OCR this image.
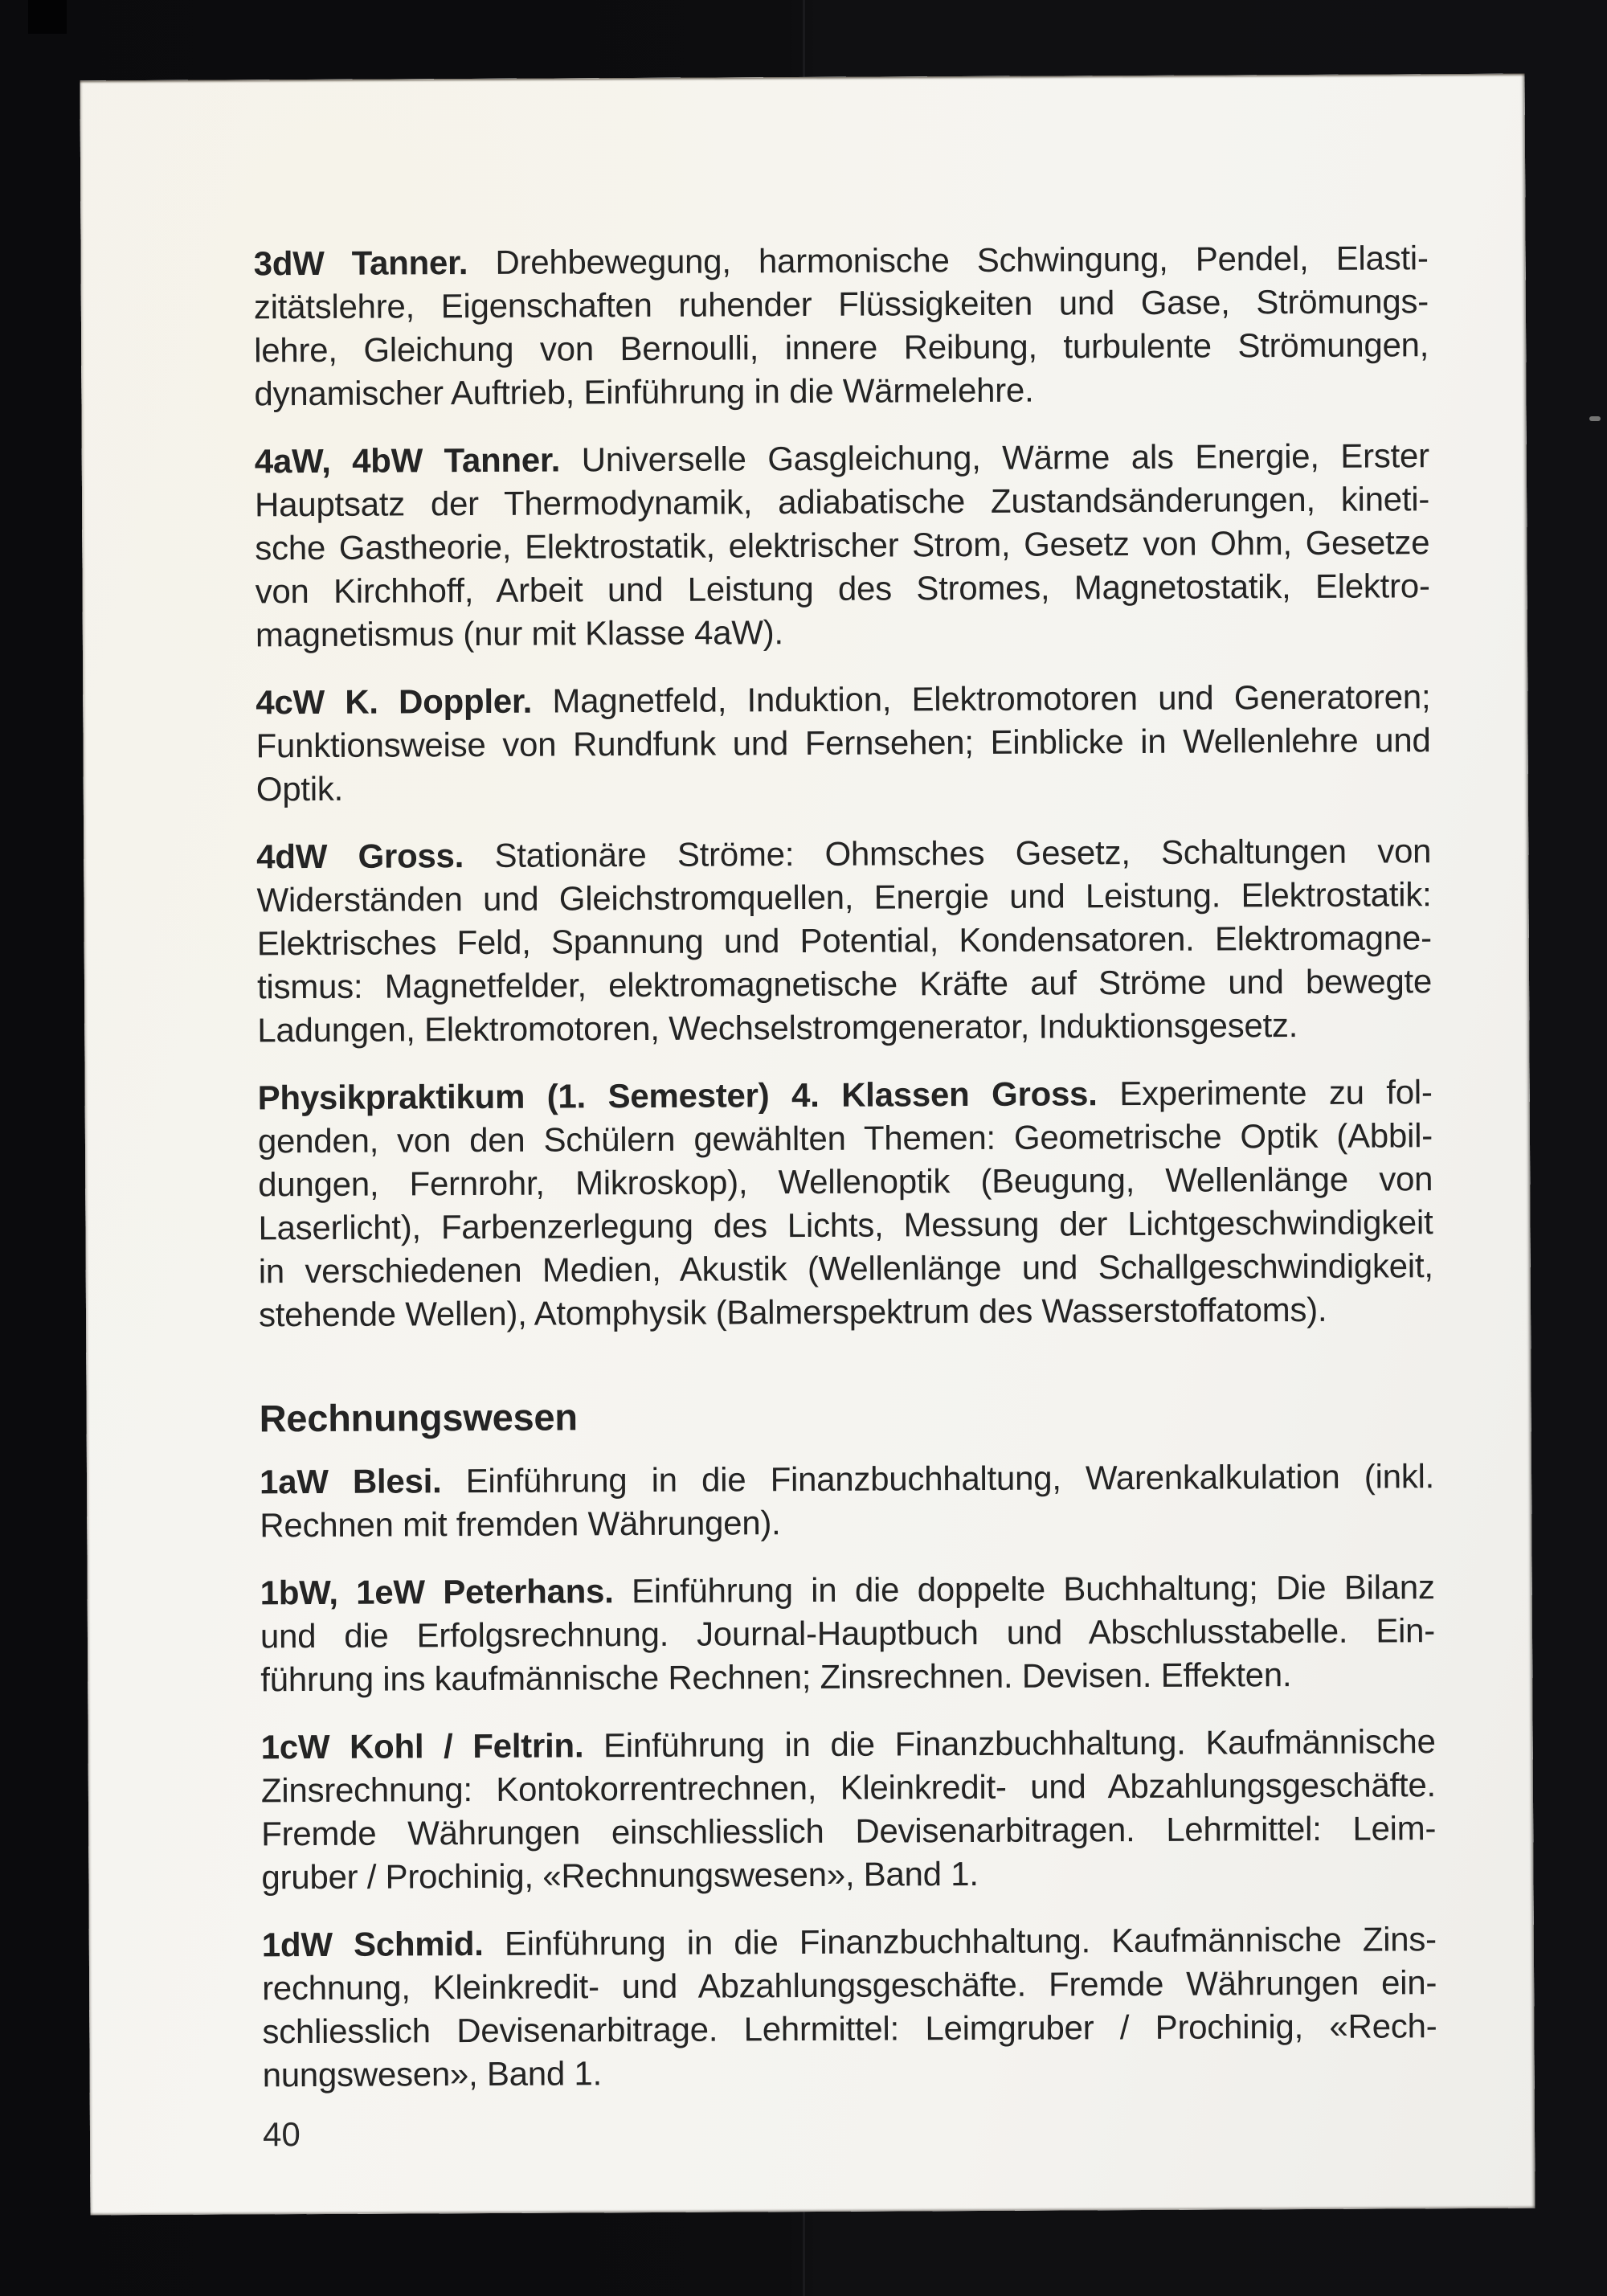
3dW Tanner. Drehbewegung, harmonische Schwingung, Pendel, Elasti-
zitätslehre, Eigenschaften ruhender Flüssigkeiten und Gase, Strömungs-
lehre, Gleichung von Bernoulli, innere Reibung, turbulente Strömungen,
dynamischer Auftrieb, Einführung in die Wärmelehre.
4aW, 4bW Tanner. Universelle Gasgleichung, Wärme als Energie, Erster
Hauptsatz der Thermodynamik, adiabatische Zustandsänderungen, kineti-
sche Gastheorie, Elektrostatik, elektrischer Strom, Gesetz von Ohm, Gesetze
von Kirchhoff, Arbeit und Leistung des Stromes, Magnetostatik, Elektro-
magnetismus (nur mit Klasse 4aW).
4cW K. Doppler. Magnetfeld, Induktion, Elektromotoren und Generatoren;
Funktionsweise von Rundfunk und Fernsehen; Einblicke in Wellenlehre und
Optik.
4dW Gross. Stationäre Ströme: Ohmsches Gesetz, Schaltungen von
Widerständen und Gleichstromquellen, Energie und Leistung. Elektrostatik:
Elektrisches Feld, Spannung und Potential, Kondensatoren. Elektromagne-
tismus: Magnetfelder, elektromagnetische Kräfte auf Ströme und bewegte
Ladungen, Elektromotoren, Wechselstromgenerator, Induktionsgesetz.
Physikpraktikum (1. Semester) 4. Klassen Gross. Experimente zu fol-
genden, von den Schülern gewählten Themen: Geometrische Optik (Abbil-
dungen, Fernrohr, Mikroskop), Wellenoptik (Beugung, Wellenlänge von
Laserlicht), Farbenzerlegung des Lichts, Messung der Lichtgeschwindigkeit
in verschiedenen Medien, Akustik (Wellenlänge und Schallgeschwindigkeit,
stehende Wellen), Atomphysik (Balmerspektrum des Wasserstoffatoms).
Rechnungswesen
1aW Blesi. Einführung in die Finanzbuchhaltung, Warenkalkulation (inkl.
Rechnen mit fremden Währungen).
1bW, 1eW Peterhans. Einführung in die doppelte Buchhaltung; Die Bilanz
und die Erfolgsrechnung. Journal-Hauptbuch und Abschlusstabelle. Ein-
führung ins kaufmännische Rechnen; Zinsrechnen. Devisen. Effekten.
1cW Kohl / Feltrin. Einführung in die Finanzbuchhaltung. Kaufmännische
Zinsrechnung: Kontokorrentrechnen, Kleinkredit- und Abzahlungsgeschäfte.
Fremde Währungen einschliesslich Devisenarbitragen. Lehrmittel: Leim-
gruber / Prochinig, «Rechnungswesen», Band 1.
1dW Schmid. Einführung in die Finanzbuchhaltung. Kaufmännische Zins-
rechnung, Kleinkredit- und Abzahlungsgeschäfte. Fremde Währungen ein-
schliesslich Devisenarbitrage. Lehrmittel: Leimgruber / Prochinig, «Rech-
nungswesen», Band 1.
40
